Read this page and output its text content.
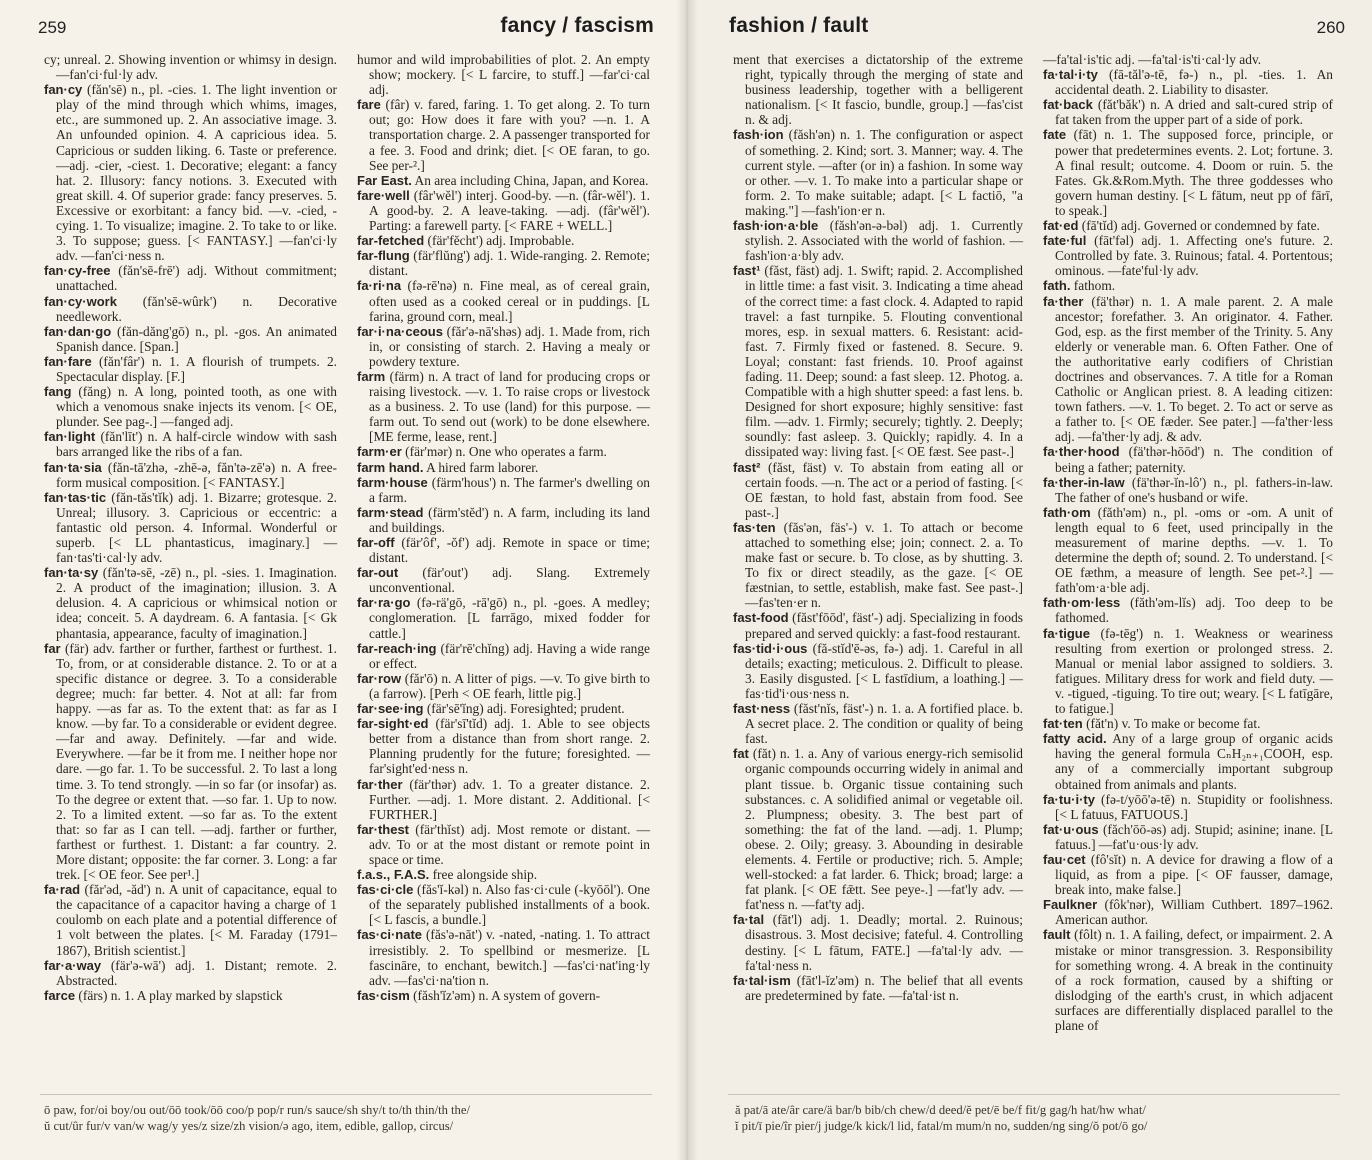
259	fancy / fascism	fashion / fault	260

cy; unreal. 2. Showing invention or whimsy in design. —fan'ci·ful·ly adv.

fan·cy (făn'sē) n., pl. -cies. 1. The light invention or play of the mind through which whims, images, etc., are summoned up. 2. An associative image. 3. An unfounded opinion. 4. A capricious idea. 5. Capricious or sudden liking. 6. Taste or preference. —adj. -cier, -ciest. 1. Decorative; elegant: a fancy hat. 2. Illusory: fancy notions. 3. Executed with great skill. 4. Of superior grade: fancy preserves. 5. Excessive or exorbitant: a fancy bid. —v. -cied, -cying. 1. To visualize; imagine. 2. To take to or like. 3. To suppose; guess. [< FANTASY.] —fan'ci·ly adv. —fan'ci·ness n.

fan·cy-free (făn'sē-frē') adj. Without commitment; unattached.

fan·cy·work (făn'sē-wûrk') n. Decorative needlework.

fan·dan·go (făn-dăng'gō) n., pl. -gos. An animated Spanish dance. [Span.]

fan·fare (făn'fâr') n. 1. A flourish of trumpets. 2. Spectacular display. [F.]

fang (făng) n. A long, pointed tooth, as one with which a venomous snake injects its venom. [< OE, plunder. See pag-.] —fanged adj.

fan·light (făn'līt') n. A half-circle window with sash bars arranged like the ribs of a fan.

fan·ta·sia (făn-tā'zhə, -zhē-ə, făn'tə-zē'ə) n. A free-form musical composition. [< FANTASY.]

fan·tas·tic (făn-tăs'tĭk) adj. 1. Bizarre; grotesque. 2. Unreal; illusory. 3. Capricious or eccentric: a fantastic old person. 4. Informal. Wonderful or superb. [< LL phantasticus, imaginary.] —fan·tas'ti·cal·ly adv.

fan·ta·sy (făn'tə-sē, -zē) n., pl. -sies. 1. Imagination. 2. A product of the imagination; illusion. 3. A delusion. 4. A capricious or whimsical notion or idea; conceit. 5. A daydream. 6. A fantasia. [< Gk phantasia, appearance, faculty of imagination.]

far (fär) adv. farther or further, farthest or furthest. 1. To, from, or at considerable distance. 2. To or at a specific distance or degree. 3. To a considerable degree; much: far better. 4. Not at all: far from happy. —as far as. To the extent that: as far as I know. —by far. To a considerable or evident degree. —far and away. Definitely. —far and wide. Everywhere. —far be it from me. I neither hope nor dare. —go far. 1. To be successful. 2. To last a long time. 3. To tend strongly. —in so far (or insofar) as. To the degree or extent that. —so far. 1. Up to now. 2. To a limited extent. —so far as. To the extent that: so far as I can tell. —adj. farther or further, farthest or furthest. 1. Distant: a far country. 2. More distant; opposite: the far corner. 3. Long: a far trek. [< OE feor. See per¹.]

fa·rad (făr'əd, -ăd') n. A unit of capacitance, equal to the capacitance of a capacitor having a charge of 1 coulomb on each plate and a potential difference of 1 volt between the plates. [< M. Faraday (1791–1867), British scientist.]

far·a·way (fär'ə-wā') adj. 1. Distant; remote. 2. Abstracted.

farce (färs) n. 1. A play marked by slapstick

humor and wild improbabilities of plot. 2. An empty show; mockery. [< L farcire, to stuff.] —far'ci·cal adj.

fare (fâr) v. fared, faring. 1. To get along. 2. To turn out; go: How does it fare with you? —n. 1. A transportation charge. 2. A passenger transported for a fee. 3. Food and drink; diet. [< OE faran, to go. See per-².]

Far East. An area including China, Japan, and Korea.

fare·well (fâr'wĕl') interj. Good-by. —n. (fâr-wĕl'). 1. A good-by. 2. A leave-taking. —adj. (fâr'wĕl'). Parting: a farewell party. [< FARE + WELL.]

far-fetched (fär'fĕcht') adj. Improbable.

far-flung (fär'flŭng') adj. 1. Wide-ranging. 2. Remote; distant.

fa·ri·na (fə-rē'nə) n. Fine meal, as of cereal grain, often used as a cooked cereal or in puddings. [L farina, ground corn, meal.]

far·i·na·ceous (făr'ə-nā'shəs) adj. 1. Made from, rich in, or consisting of starch. 2. Having a mealy or powdery texture.

farm (färm) n. A tract of land for producing crops or raising livestock. —v. 1. To raise crops or livestock as a business. 2. To use (land) for this purpose. —farm out. To send out (work) to be done elsewhere. [ME ferme, lease, rent.]

farm·er (fär'mər) n. One who operates a farm.

farm hand. A hired farm laborer.

farm·house (färm'hous') n. The farmer's dwelling on a farm.

farm·stead (färm'stĕd') n. A farm, including its land and buildings.

far-off (fär'ôf', -ŏf') adj. Remote in space or time; distant.

far-out (fär'out') adj. Slang. Extremely unconventional.

far·ra·go (fə-rä'gō, -rā'gō) n., pl. -goes. A medley; conglomeration. [L farrāgo, mixed fodder for cattle.]

far-reach·ing (fär'rē'chĭng) adj. Having a wide range or effect.

far·row (făr'ō) n. A litter of pigs. —v. To give birth to (a farrow). [Perh < OE fearh, little pig.]

far·see·ing (fär'sē'ĭng) adj. Foresighted; prudent.

far-sight·ed (fär'sī'tĭd) adj. 1. Able to see objects better from a distance than from short range. 2. Planning prudently for the future; foresighted. —far'sight'ed·ness n.

far·ther (fär'thər) adv. 1. To a greater distance. 2. Further. —adj. 1. More distant. 2. Additional. [< FURTHER.]

far·thest (fär'thĭst) adj. Most remote or distant. —adv. To or at the most distant or remote point in space or time.

f.a.s., F.A.S. free alongside ship.

fas·ci·cle (făs'ĭ-kəl) n. Also fas·ci·cule (-kyōōl'). One of the separately published installments of a book. [< L fascis, a bundle.]

fas·ci·nate (făs'ə-nāt') v. -nated, -nating. 1. To attract irresistibly. 2. To spellbind or mesmerize. [L fascināre, to enchant, bewitch.] —fas'ci·nat'ing·ly adv. —fas'ci·na'tion n.

fas·cism (făsh'ĭz'əm) n. A system of govern-

ment that exercises a dictatorship of the extreme right, typically through the merging of state and business leadership, together with a belligerent nationalism. [< It fascio, bundle, group.] —fas'cist n. & adj.

fash·ion (făsh'ən) n. 1. The configuration or aspect of something. 2. Kind; sort. 3. Manner; way. 4. The current style. —after (or in) a fashion. In some way or other. —v. 1. To make into a particular shape or form. 2. To make suitable; adapt. [< L factiō, "a making."] —fash'ion·er n.

fash·ion·a·ble (făsh'ən-ə-bəl) adj. 1. Currently stylish. 2. Associated with the world of fashion. —fash'ion·a·bly adv.

fast¹ (făst, fäst) adj. 1. Swift; rapid. 2. Accomplished in little time: a fast visit. 3. Indicating a time ahead of the correct time: a fast clock. 4. Adapted to rapid travel: a fast turnpike. 5. Flouting conventional mores, esp. in sexual matters. 6. Resistant: acid-fast. 7. Firmly fixed or fastened. 8. Secure. 9. Loyal; constant: fast friends. 10. Proof against fading. 11. Deep; sound: a fast sleep. 12. Photog. a. Compatible with a high shutter speed: a fast lens. b. Designed for short exposure; highly sensitive: fast film. —adv. 1. Firmly; securely; tightly. 2. Deeply; soundly: fast asleep. 3. Quickly; rapidly. 4. In a dissipated way: living fast. [< OE fæst. See past-.]

fast² (făst, fäst) v. To abstain from eating all or certain foods. —n. The act or a period of fasting. [< OE fæstan, to hold fast, abstain from food. See past-.]

fas·ten (făs'ən, fäs'-) v. 1. To attach or become attached to something else; join; connect. 2. a. To make fast or secure. b. To close, as by shutting. 3. To fix or direct steadily, as the gaze. [< OE fæstnian, to settle, establish, make fast. See past-.] —fas'ten·er n.

fast-food (făst'fōōd', fäst'-) adj. Specializing in foods prepared and served quickly: a fast-food restaurant.

fas·tid·i·ous (fă-stĭd'ē-əs, fə-) adj. 1. Careful in all details; exacting; meticulous. 2. Difficult to please. 3. Easily disgusted. [< L fastīdium, a loathing.] —fas·tid'i·ous·ness n.

fast·ness (făst'nĭs, fäst'-) n. 1. a. A fortified place. b. A secret place. 2. The condition or quality of being fast.

fat (făt) n. 1. a. Any of various energy-rich semisolid organic compounds occurring widely in animal and plant tissue. b. Organic tissue containing such substances. c. A solidified animal or vegetable oil. 2. Plumpness; obesity. 3. The best part of something: the fat of the land. —adj. 1. Plump; obese. 2. Oily; greasy. 3. Abounding in desirable elements. 4. Fertile or productive; rich. 5. Ample; well-stocked: a fat larder. 6. Thick; broad; large: a fat plank. [< OE fǣtt. See peye-.] —fat'ly adv. —fat'ness n. —fat'ty adj.

fa·tal (fāt'l) adj. 1. Deadly; mortal. 2. Ruinous; disastrous. 3. Most decisive; fateful. 4. Controlling destiny. [< L fātum, FATE.] —fa'tal·ly adv. —fa'tal·ness n.

fa·tal·ism (fāt'l-ĭz'əm) n. The belief that all events are predetermined by fate. —fa'tal·ist n.

—fa'tal·is'tic adj. —fa'tal·is'ti·cal·ly adv.

fa·tal·i·ty (fā-tăl'ə-tē, fə-) n., pl. -ties. 1. An accidental death. 2. Liability to disaster.

fat·back (făt'băk') n. A dried and salt-cured strip of fat taken from the upper part of a side of pork.

fate (fāt) n. 1. The supposed force, principle, or power that predetermines events. 2. Lot; fortune. 3. A final result; outcome. 4. Doom or ruin. 5. the Fates. Gk.&Rom.Myth. The three goddesses who govern human destiny. [< L fātum, neut pp of fārī, to speak.]

fat·ed (fā'tĭd) adj. Governed or condemned by fate.

fate·ful (fāt'fəl) adj. 1. Affecting one's future. 2. Controlled by fate. 3. Ruinous; fatal. 4. Portentous; ominous. —fate'ful·ly adv.

fath. fathom.

fa·ther (fä'thər) n. 1. A male parent. 2. A male ancestor; forefather. 3. An originator. 4. Father. God, esp. as the first member of the Trinity. 5. Any elderly or venerable man. 6. Often Father. One of the authoritative early codifiers of Christian doctrines and observances. 7. A title for a Roman Catholic or Anglican priest. 8. A leading citizen: town fathers. —v. 1. To beget. 2. To act or serve as a father to. [< OE fæder. See pater.] —fa'ther·less adj. —fa'ther·ly adj. & adv.

fa·ther·hood (fä'thər-hōōd') n. The condition of being a father; paternity.

fa·ther-in-law (fä'thər-ĭn-lô') n., pl. fathers-in-law. The father of one's husband or wife.

fath·om (făth'əm) n., pl. -oms or -om. A unit of length equal to 6 feet, used principally in the measurement of marine depths. —v. 1. To determine the depth of; sound. 2. To understand. [< OE fæthm, a measure of length. See pet-².] —fath'om·a·ble adj.

fath·om·less (făth'əm-lĭs) adj. Too deep to be fathomed.

fa·tigue (fə-tēg') n. 1. Weakness or weariness resulting from exertion or prolonged stress. 2. Manual or menial labor assigned to soldiers. 3. fatigues. Military dress for work and field duty. —v. -tigued, -tiguing. To tire out; weary. [< L fatīgāre, to fatigue.]

fat·ten (făt'n) v. To make or become fat.

fatty acid. Any of a large group of organic acids having the general formula CₙH₂ₙ₊₁COOH, esp. any of a commercially important subgroup obtained from animals and plants.

fa·tu·i·ty (fə-t/yōō'ə-tē) n. Stupidity or foolishness. [< L fatuus, FATUOUS.]

fat·u·ous (făch'ōō-əs) adj. Stupid; asinine; inane. [L fatuus.] —fat'u·ous·ly adv.

fau·cet (fô'sĭt) n. A device for drawing a flow of a liquid, as from a pipe. [< OF fausser, damage, break into, make false.]

Faulkner (fôk'nər), William Cuthbert. 1897–1962. American author.

fault (fôlt) n. 1. A failing, defect, or impairment. 2. A mistake or minor transgression. 3. Responsibility for something wrong. 4. A break in the continuity of a rock formation, caused by a shifting or dislodging of the earth's crust, in which adjacent surfaces are differentially displaced parallel to the plane of

ō paw, for/oi boy/ou out/ōō took/ōō coo/p pop/r run/s sauce/sh shy/t to/th thin/th the/
ŭ cut/ûr fur/v van/w wag/y yes/z size/zh vision/ə ago, item, edible, gallop, circus/
ă pat/ā ate/âr care/ä bar/b bib/ch chew/d deed/ĕ pet/ē be/f fit/g gag/h hat/hw what/
ĭ pit/ī pie/îr pier/j judge/k kick/l lid, fatal/m mum/n no, sudden/ng sing/ŏ pot/ō go/
